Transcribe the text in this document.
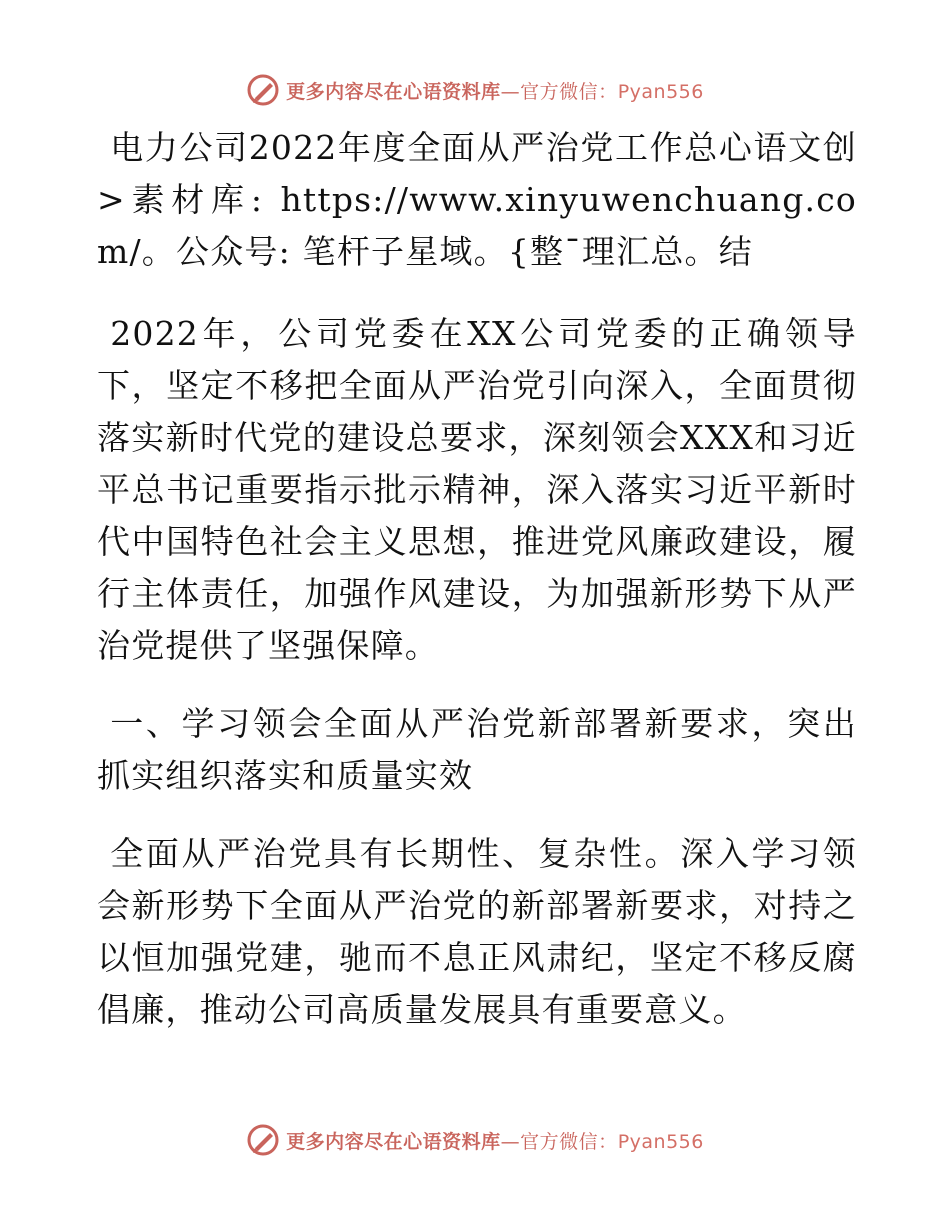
更多内容尽在心语资料库—官方微信：Pyan556

电力公司2022年度全面从严治党工作总心语文创>素材库: https://www.xinyuwenchuang.com/。公众号: 笔杆子星域。{整¯理汇总。结

2022年，公司党委在XX公司党委的正确领导下，坚定不移把全面从严治党引向深入，全面贯彻落实新时代党的建设总要求，深刻领会XXX和习近平总书记重要指示批示精神，深入落实习近平新时代中国特色社会主义思想，推进党风廉政建设，履行主体责任，加强作风建设，为加强新形势下从严治党提供了坚强保障。

一、学习领会全面从严治党新部署新要求，突出抓实组织落实和质量实效

全面从严治党具有长期性、复杂性。深入学习领会新形势下全面从严治党的新部署新要求，对持之以恒加强党建，驰而不息正风肃纪，坚定不移反腐倡廉，推动公司高质量发展具有重要意义。

更多内容尽在心语资料库—官方微信：Pyan556
